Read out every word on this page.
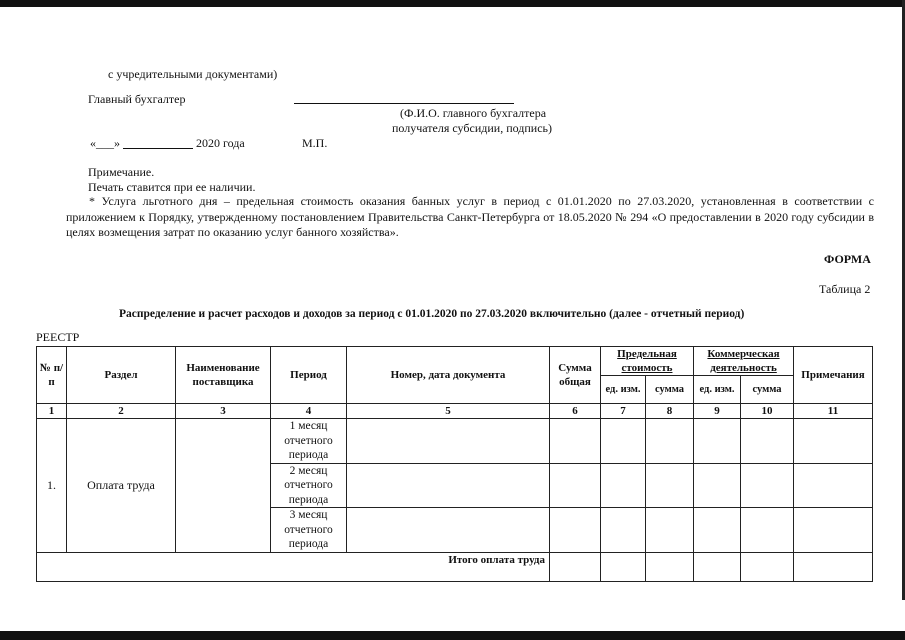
с учредительными документами)
Главный бухгалтер
(Ф.И.О. главного бухгалтера
получателя субсидии, подпись)
«___»	2020 года	М.П.
Примечание.
Печать ставится при ее наличии.
* Услуга льготного дня – предельная стоимость оказания банных услуг в период с 01.01.2020 по 27.03.2020, установленная в соответствии с приложением к Порядку, утвержденному постановлением Правительства Санкт-Петербурга от 18.05.2020 № 294 «О предоставлении в 2020 году субсидии в целях возмещения затрат по оказанию услуг банного хозяйства».
ФОРМА
Таблица 2
Распределение и расчет расходов и доходов за период с 01.01.2020 по 27.03.2020 включительно (далее - отчетный период)
РЕЕСТР
№ п/п	Раздел	Наименование поставщика	Период	Номер, дата документа	Сумма общая	Предельная стоимость		Коммерческая деятельность		Примечания
						ед. изм.	сумма	ед. изм.	сумма	
1	2	3	4	5	6	7	8	9	10	11
1.	Оплата труда		1 месяц отчетного периода							
			2 месяц отчетного периода							
			3 месяц отчетного периода							
Итого оплата труда										
